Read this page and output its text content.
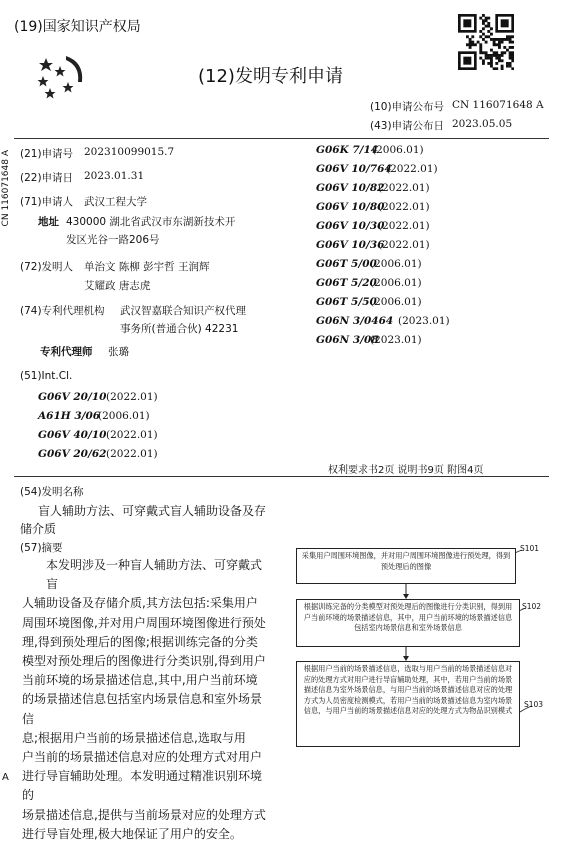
(19)国家知识产权局
(12)发明专利申请
(10)申请公布号 CN 116071648 A
(43)申请公布日 2023.05.05
(21)申请号 202310099015.7
(22)申请日 2023.01.31
(71)申请人 武汉工程大学
地址 430000 湖北省武汉市东湖新技术开
发区光谷一路206号
(72)发明人 单治文 陈柳 彭宇哲 王润辉
艾耀政 唐志虎
(74)专利代理机构 武汉智嘉联合知识产权代理
事务所(普通合伙) 42231
专利代理师 张璐
(51)Int.Cl.
G06V 20/10 (2022.01)
A61H 3/06
(2006.01)
G06V 40/10 (2022.01)
G06V 20/62 (2022.01)
G06K 7/14
(2006.01)
G06V 10/764
(2022.01)
G06V 10/82
(2022.01)
G06V 10/80
(2022.01)
G06V 10/30
(2022.01)
G06V 10/36
(2022.01)
G06T 5/00
(2006.01)
G06T 5/20
(2006.01)
G06T 5/50
(2006.01)
G06N 3/0464 (2023.01)
G06N 3/08
(2023.01)
权利要求书2页 说明书9页 附图4页
(54)发明名称
盲人辅助方法、可穿戴式盲人辅助设备及存
储介质
(57)摘要

本发明涉及一种盲人辅助方法、可穿戴式盲

人辅助设备及存储介质,其方法包括:采集用户

周围环境图像,并对用户周围环境图像进行预处

理,得到预处理后的图像;根据训练完备的分类

模型对预处理后的图像进行分类识别,得到用户

当前环境的场景描述信息,其中,用户当前环境

的场景描述信息包括室内场景信息和室外场景信

息;根据用户当前的场景描述信息,选取与用

户当前的场景描述信息对应的处理方式对用户

进行导盲辅助处理。本发明通过精准识别环境的

场景描述信息,提供与当前场景对应的处理方式

进行导盲处理,极大地保证了用户的安全。

采集用户周围环境图像，并对用户周围环境图像进行预处理，得到预处理后的图像
S101
根据训练完备的分类模型对预处理后的图像进行分类识别，得到用户当前环境的场景描述信息，其中，用户当前环境的场景描述信息包括室内场景信息和室外场景信息
S102
根据用户当前的场景描述信息，选取与用户当前的场景描述信息对应的处理方式对用户进行导盲辅助处理，其中，若用户当前的场景描述信息为室外场景信息，与用户当前的场景描述信息对应的处理方式为人员密度检测模式，若用户当前的场景描述信息为室内场景信息，与用户当前的场景描述信息对应的处理方式为物品识别模式
S103
CN 116071648 A
A
